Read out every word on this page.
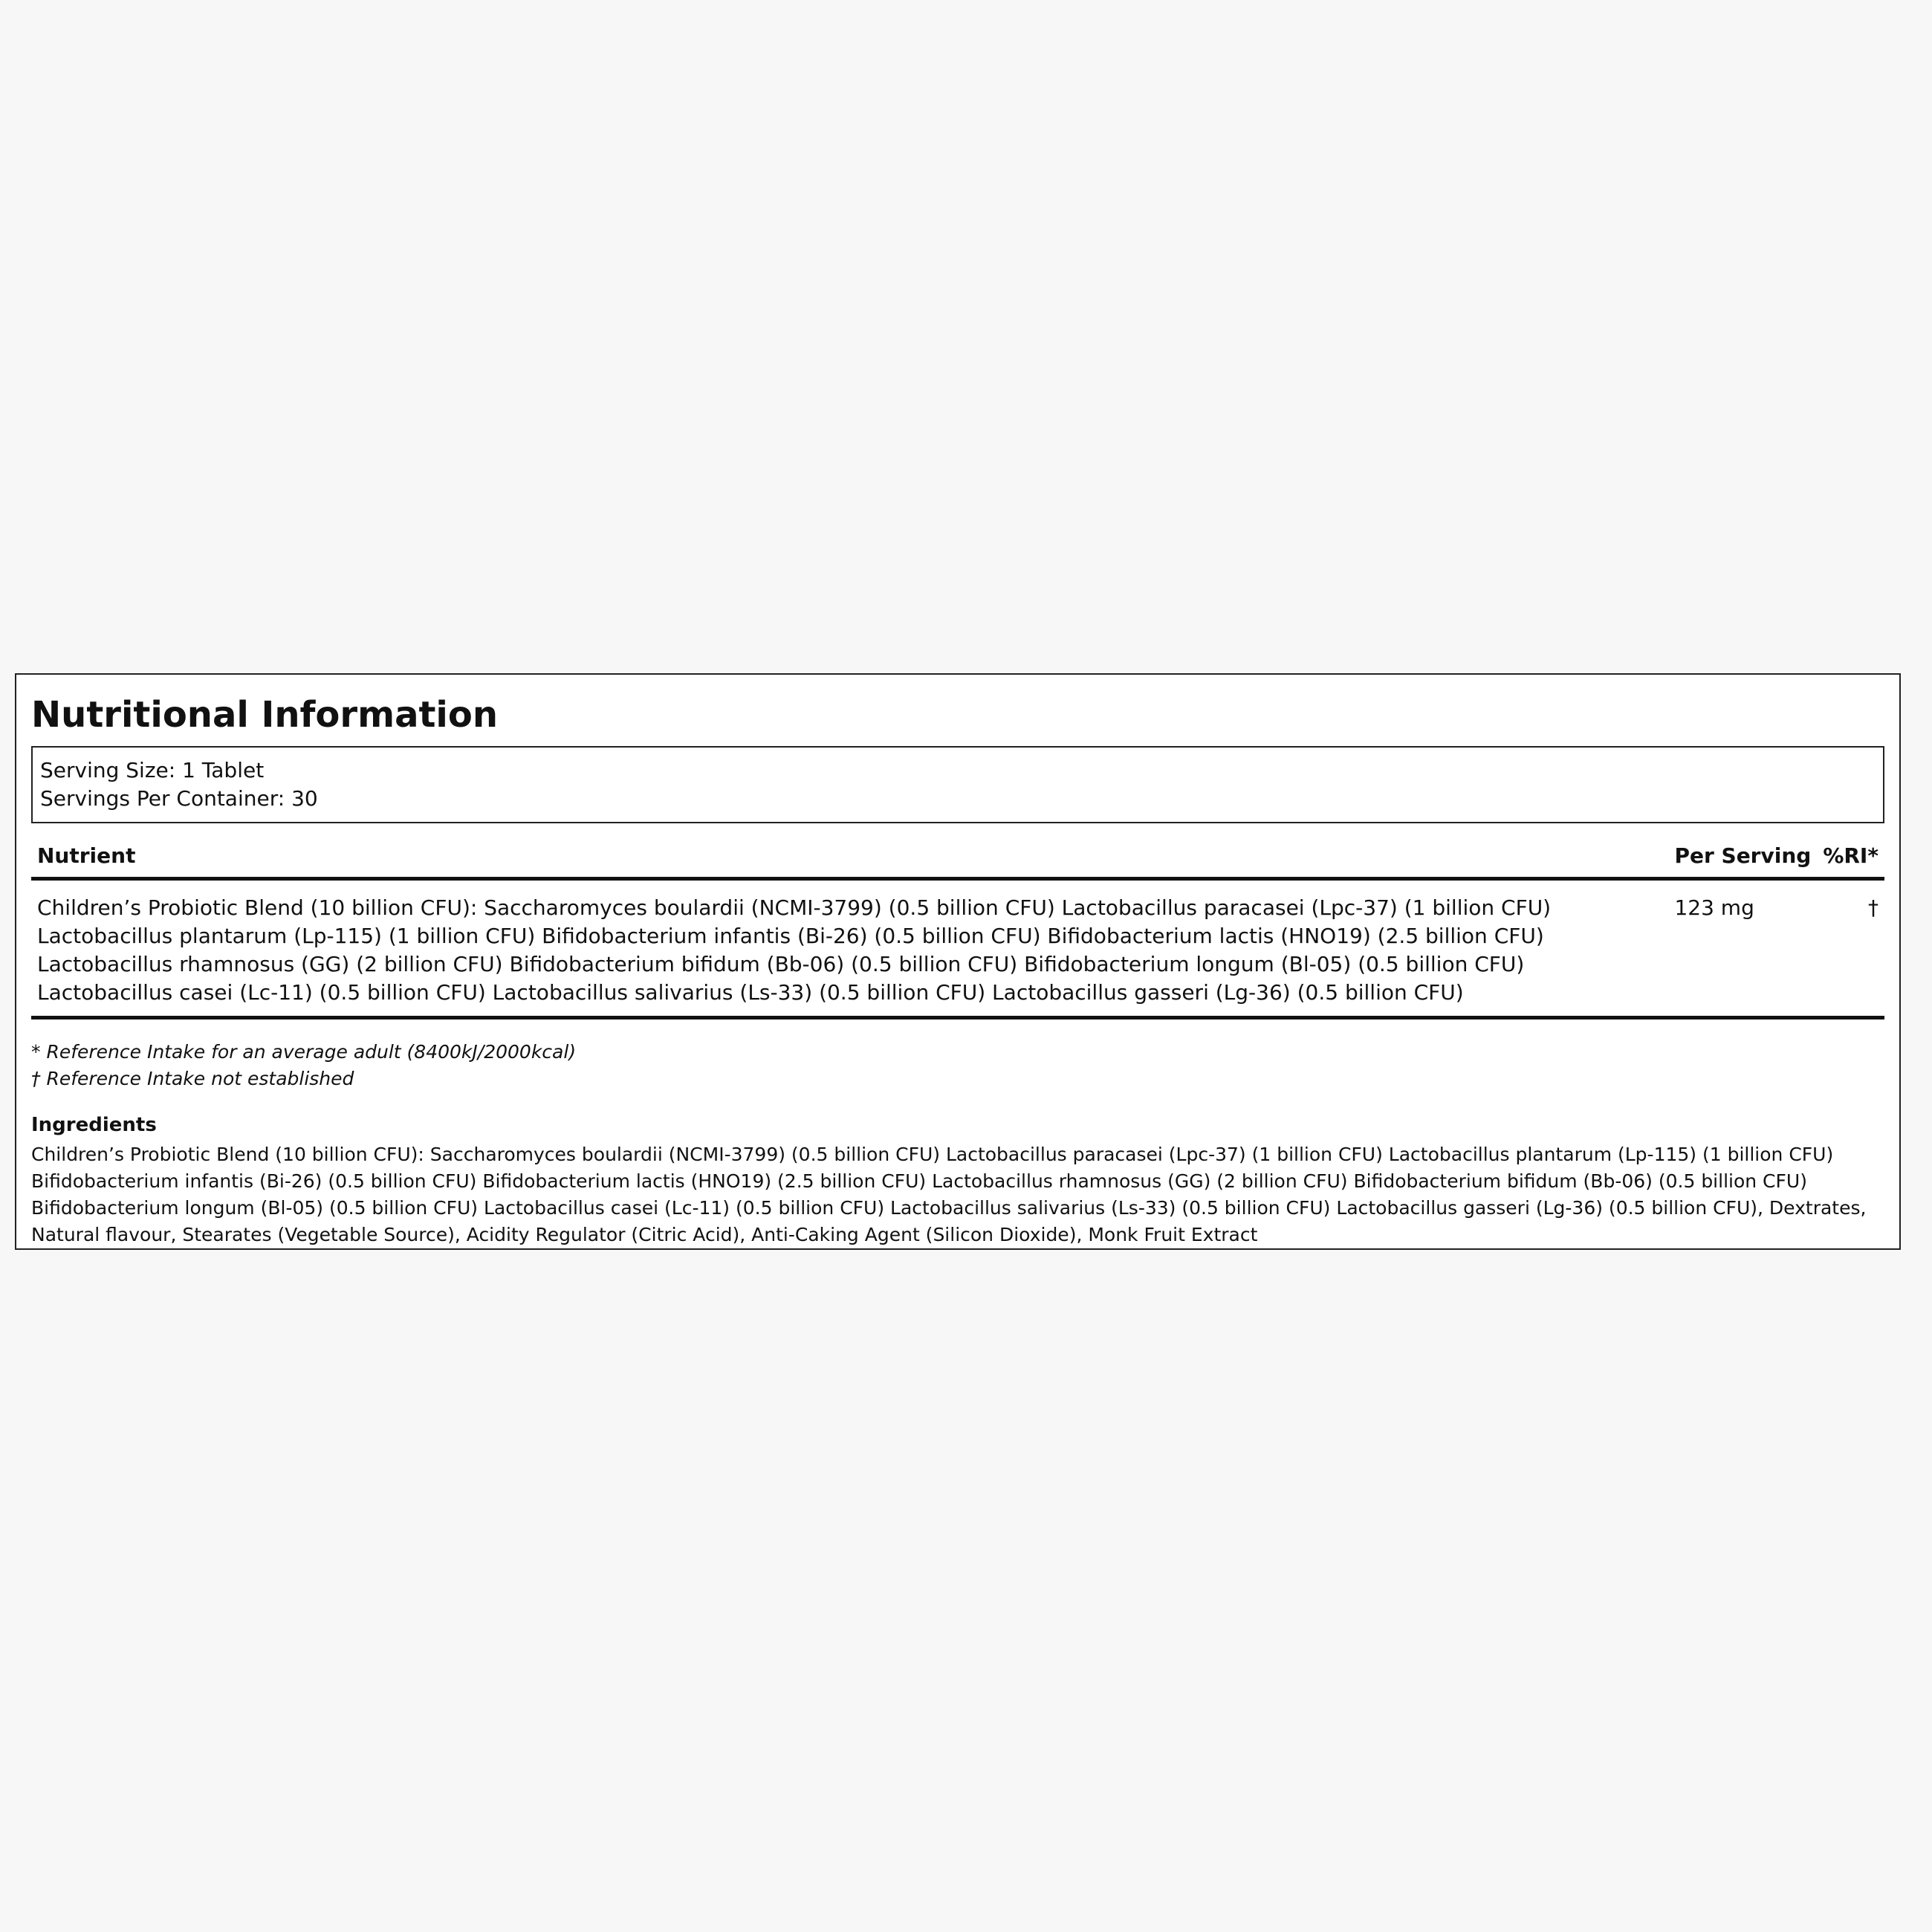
Nutritional Information
Serving Size: 1 Tablet
Servings Per Container: 30
Nutrient	Per Serving	%RI*
Children’s Probiotic Blend (10 billion CFU): Saccharomyces boulardii (NCMI-3799) (0.5 billion CFU) Lactobacillus paracasei (Lpc-37) (1 billion CFU) Lactobacillus plantarum (Lp-115) (1 billion CFU) Bifidobacterium infantis (Bi-26) (0.5 billion CFU) Bifidobacterium lactis (HNO19) (2.5 billion CFU) Lactobacillus rhamnosus (GG) (2 billion CFU) Bifidobacterium bifidum (Bb-06) (0.5 billion CFU) Bifidobacterium longum (Bl-05) (0.5 billion CFU) Lactobacillus casei (Lc-11) (0.5 billion CFU) Lactobacillus salivarius (Ls-33) (0.5 billion CFU) Lactobacillus gasseri (Lg-36) (0.5 billion CFU)	123 mg	†
* Reference Intake for an average adult (8400kJ/2000kcal)
† Reference Intake not established
Ingredients
Children’s Probiotic Blend (10 billion CFU): Saccharomyces boulardii (NCMI-3799) (0.5 billion CFU) Lactobacillus paracasei (Lpc-37) (1 billion CFU) Lactobacillus plantarum (Lp-115) (1 billion CFU) Bifidobacterium infantis (Bi-26) (0.5 billion CFU) Bifidobacterium lactis (HNO19) (2.5 billion CFU) Lactobacillus rhamnosus (GG) (2 billion CFU) Bifidobacterium bifidum (Bb-06) (0.5 billion CFU) Bifidobacterium longum (Bl-05) (0.5 billion CFU) Lactobacillus casei (Lc-11) (0.5 billion CFU) Lactobacillus salivarius (Ls-33) (0.5 billion CFU) Lactobacillus gasseri (Lg-36) (0.5 billion CFU), Dextrates, Natural flavour, Stearates (Vegetable Source), Acidity Regulator (Citric Acid), Anti-Caking Agent (Silicon Dioxide), Monk Fruit Extract
